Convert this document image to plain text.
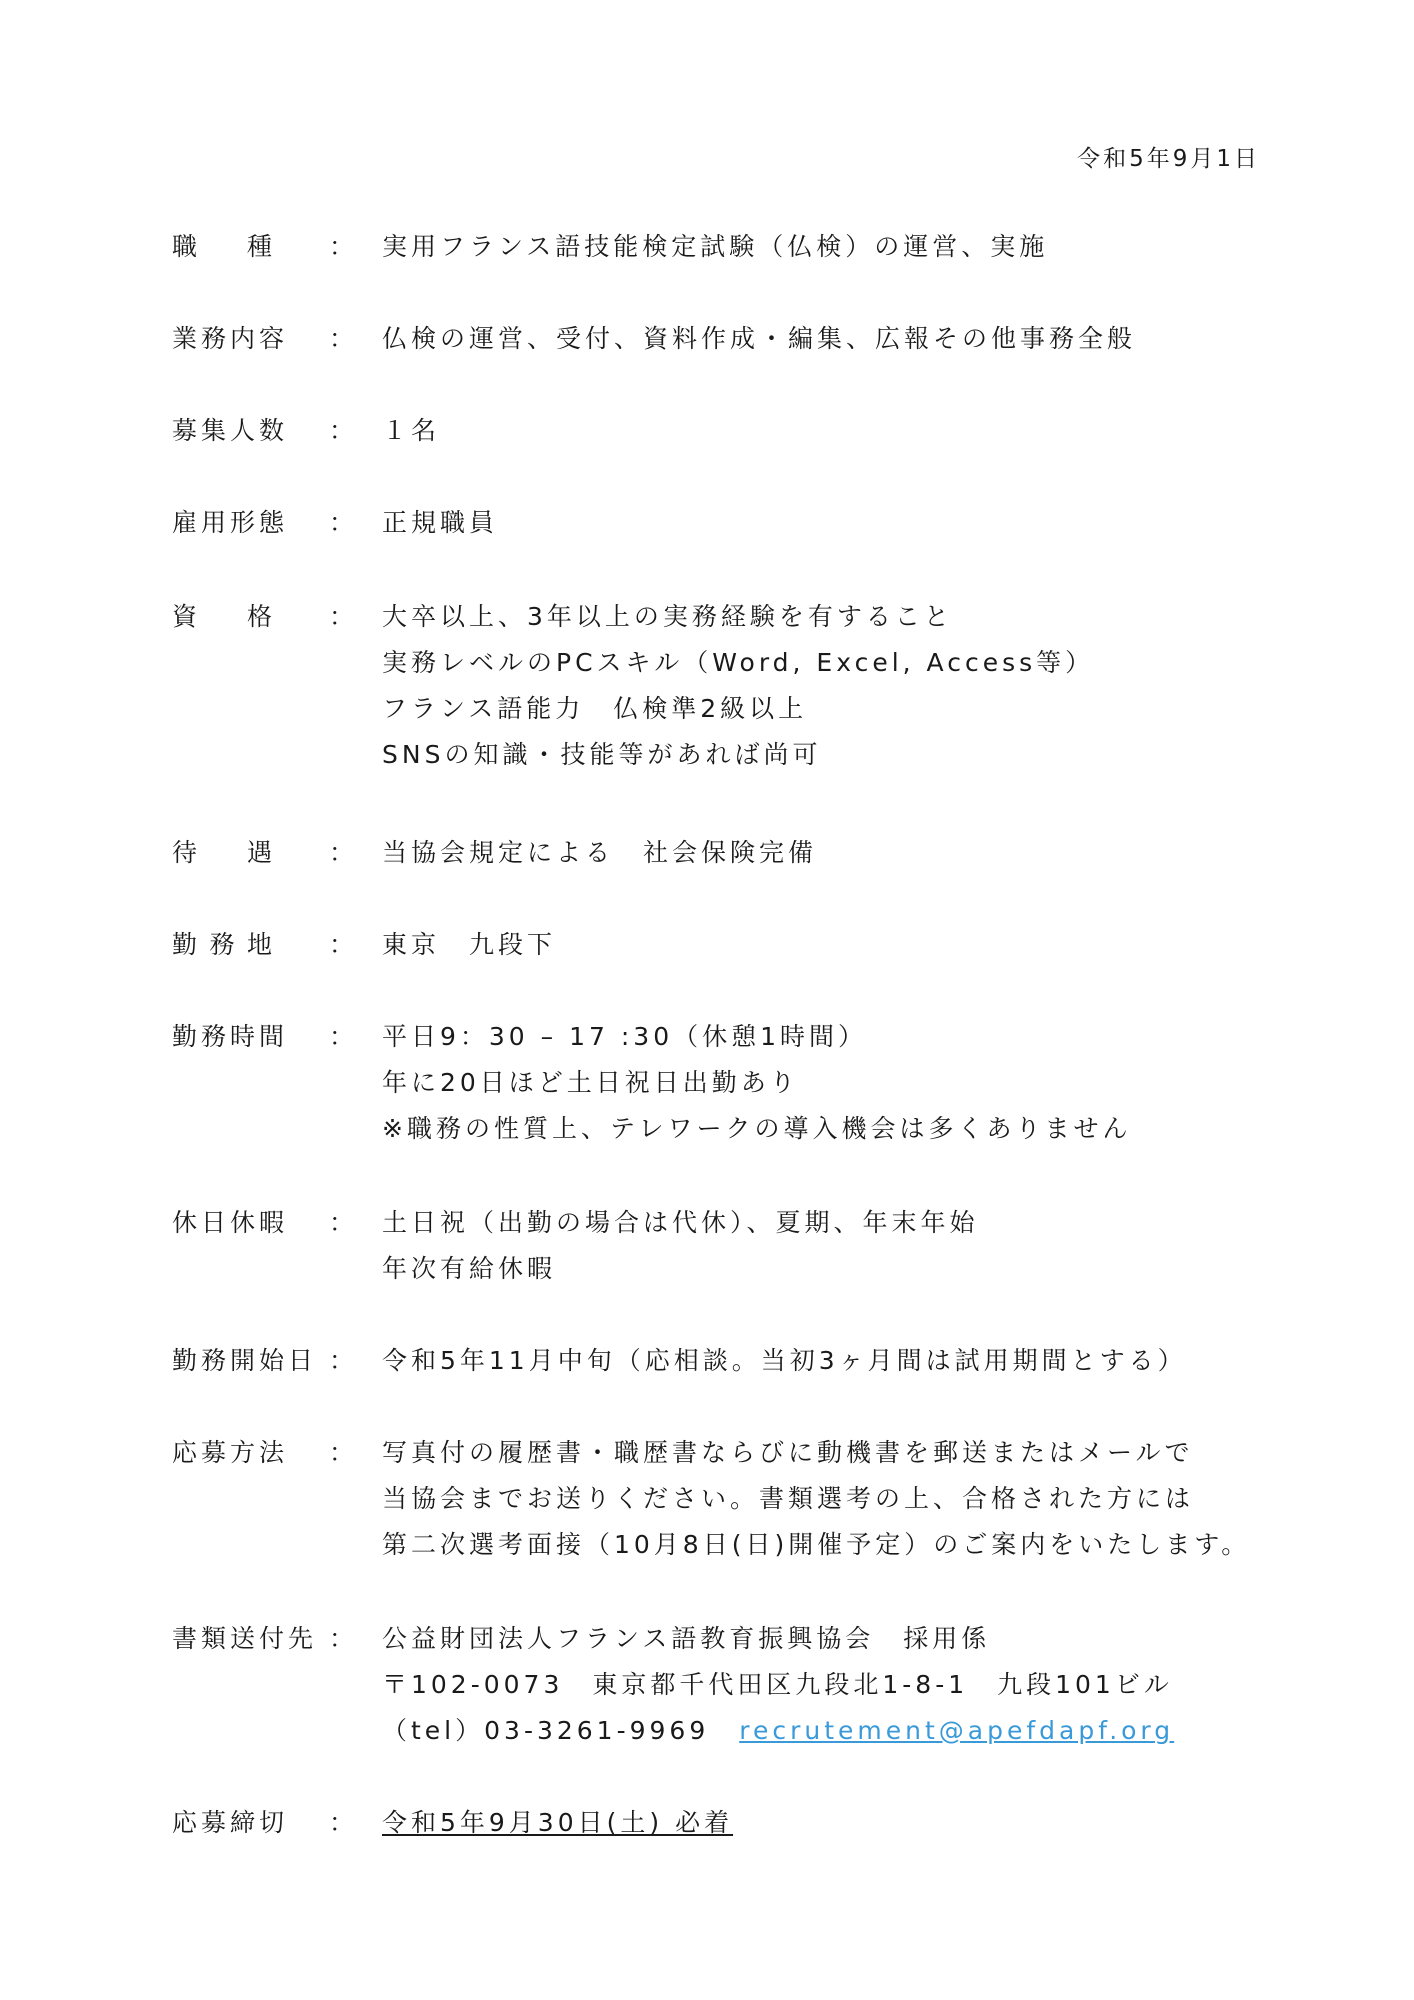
令和5年9月1日
職 種 ： 実用フランス語技能検定試験（仏検）の運営、実施
業務内容 ： 仏検の運営、受付、資料作成・編集、広報その他事務全般
募集人数 ： １名
雇用形態 ： 正規職員
資 格 ： 大卒以上、3年以上の実務経験を有すること
実務レベルのPCスキル（Word, Excel, Access等）
フランス語能力　仏検準2級以上
SNSの知識・技能等があれば尚可
待 遇 ： 当協会規定による　社会保険完備
勤 務 地 ： 東京　九段下
勤務時間 ： 平日9：30 – 17 :30（休憩1時間）
年に20日ほど土日祝日出勤あり
※職務の性質上、テレワークの導入機会は多くありません
休日休暇 ： 土日祝（出勤の場合は代休）、夏期、年末年始
年次有給休暇
勤務開始日 ： 令和5年11月中旬（応相談。当初3ヶ月間は試用期間とする）
応募方法 ： 写真付の履歴書・職歴書ならびに動機書を郵送またはメールで
当協会までお送りください。書類選考の上、合格された方には
第二次選考面接（10月8日(日)開催予定）のご案内をいたします。
書類送付先 ： 公益財団法人フランス語教育振興協会　採用係
〒102-0073　東京都千代田区九段北1-8-1　九段101ビル
（tel）03-3261-9969 recrutement@apefdapf.org
応募締切 ： 令和5年9月30日(土) 必着
